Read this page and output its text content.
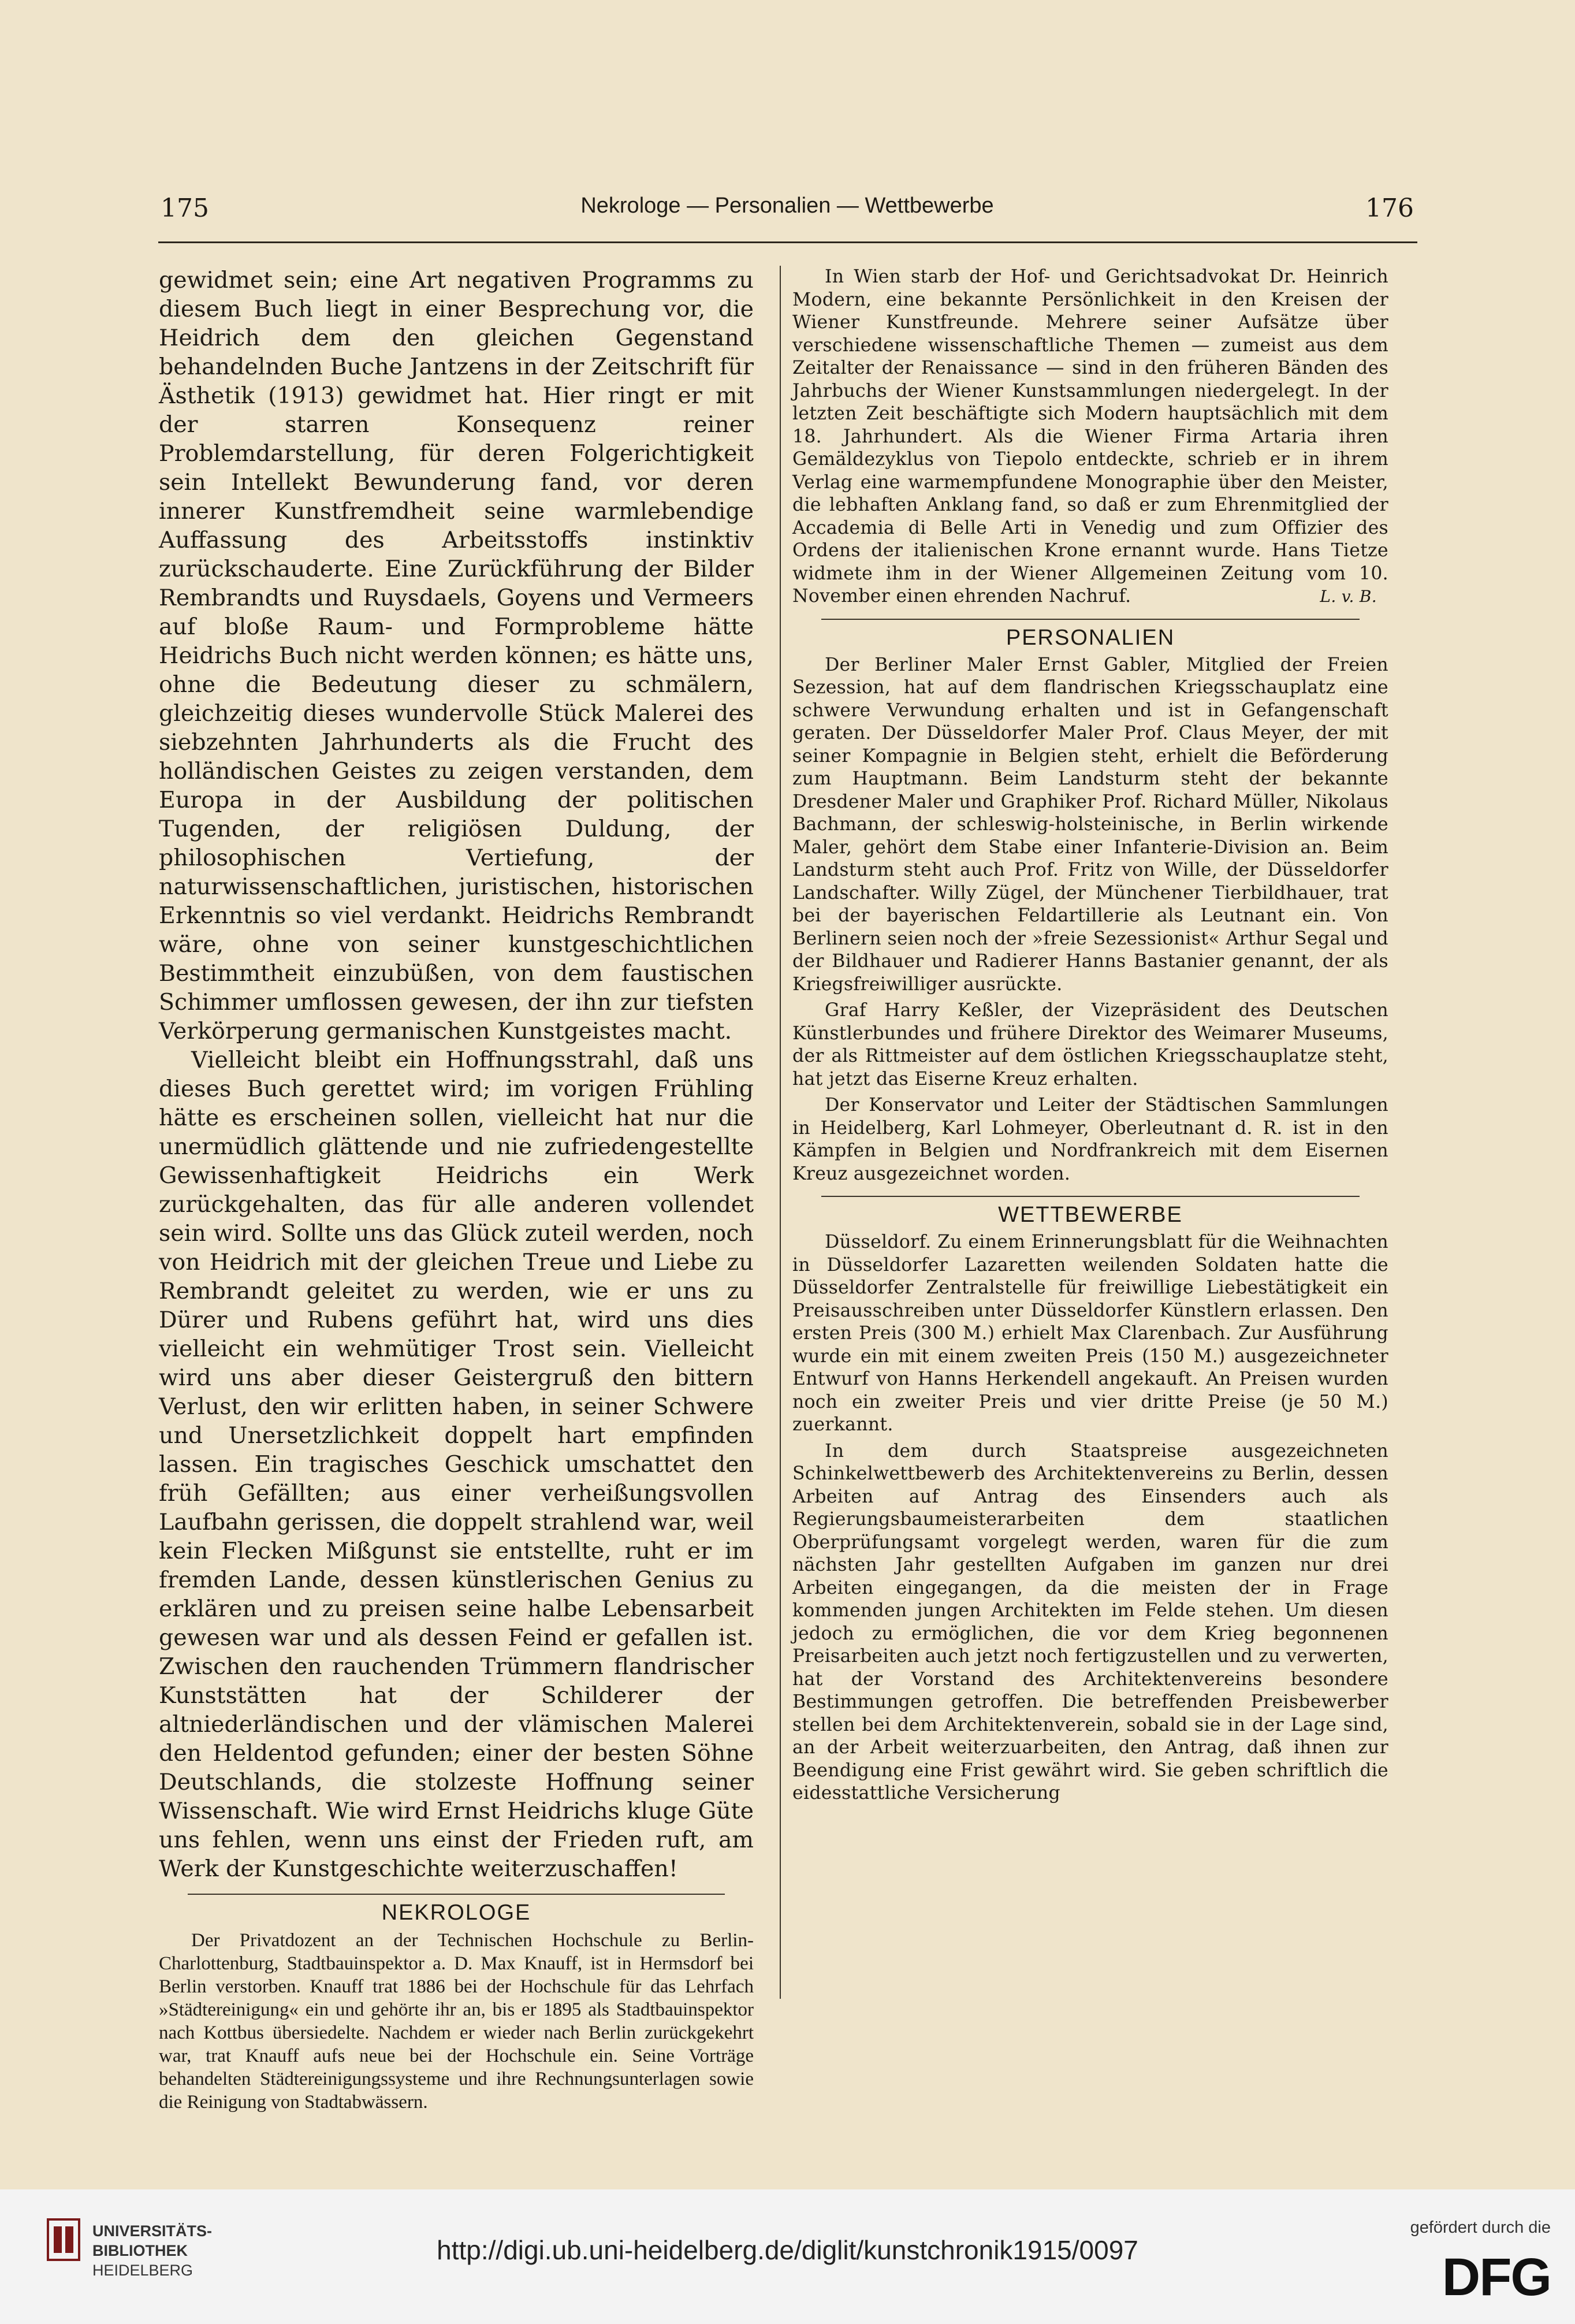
175	Nekrologe — Personalien — Wettbewerbe	176

gewidmet sein; eine Art negativen Programms zu diesem Buch liegt in einer Besprechung vor, die Heidrich dem den gleichen Gegenstand behandelnden Buche Jantzens in der Zeitschrift für Ästhetik (1913) gewidmet hat. Hier ringt er mit der starren Konsequenz reiner Problemdarstellung, für deren Folgerichtigkeit sein Intellekt Bewunderung fand, vor deren innerer Kunstfremdheit seine warmlebendige Auffassung des Arbeitsstoffs instinktiv zurückschauderte. Eine Zurückführung der Bilder Rembrandts und Ruysdaels, Goyens und Vermeers auf bloße Raum- und Formprobleme hätte Heidrichs Buch nicht werden können; es hätte uns, ohne die Bedeutung dieser zu schmälern, gleichzeitig dieses wundervolle Stück Malerei des siebzehnten Jahrhunderts als die Frucht des holländischen Geistes zu zeigen verstanden, dem Europa in der Ausbildung der politischen Tugenden, der religiösen Duldung, der philosophischen Vertiefung, der naturwissenschaftlichen, juristischen, historischen Erkenntnis so viel verdankt. Heidrichs Rembrandt wäre, ohne von seiner kunstgeschichtlichen Bestimmtheit einzubüßen, von dem faustischen Schimmer umflossen gewesen, der ihn zur tiefsten Verkörperung germanischen Kunstgeistes macht.

Vielleicht bleibt ein Hoffnungsstrahl, daß uns dieses Buch gerettet wird; im vorigen Frühling hätte es erscheinen sollen, vielleicht hat nur die unermüdlich glättende und nie zufriedengestellte Gewissenhaftigkeit Heidrichs ein Werk zurückgehalten, das für alle anderen vollendet sein wird. Sollte uns das Glück zuteil werden, noch von Heidrich mit der gleichen Treue und Liebe zu Rembrandt geleitet zu werden, wie er uns zu Dürer und Rubens geführt hat, wird uns dies vielleicht ein wehmütiger Trost sein. Vielleicht wird uns aber dieser Geistergruß den bittern Verlust, den wir erlitten haben, in seiner Schwere und Unersetzlichkeit doppelt hart empfinden lassen. Ein tragisches Geschick umschattet den früh Gefällten; aus einer verheißungsvollen Laufbahn gerissen, die doppelt strahlend war, weil kein Flecken Mißgunst sie entstellte, ruht er im fremden Lande, dessen künstlerischen Genius zu erklären und zu preisen seine halbe Lebensarbeit gewesen war und als dessen Feind er gefallen ist. Zwischen den rauchenden Trümmern flandrischer Kunststätten hat der Schilderer der altniederländischen und der vlämischen Malerei den Heldentod gefunden; einer der besten Söhne Deutschlands, die stolzeste Hoffnung seiner Wissenschaft. Wie wird Ernst Heidrichs kluge Güte uns fehlen, wenn uns einst der Frieden ruft, am Werk der Kunstgeschichte weiterzuschaffen!

NEKROLOGE

Der Privatdozent an der Technischen Hochschule zu Berlin-Charlottenburg, Stadtbauinspektor a. D. Max Knauff, ist in Hermsdorf bei Berlin verstorben. Knauff trat 1886 bei der Hochschule für das Lehrfach »Städtereinigung« ein und gehörte ihr an, bis er 1895 als Stadtbauinspektor nach Kottbus übersiedelte. Nachdem er wieder nach Berlin zurückgekehrt war, trat Knauff aufs neue bei der Hochschule ein. Seine Vorträge behandelten Städtereinigungssysteme und ihre Rechnungsunterlagen sowie die Reinigung von Stadtabwässern.

In Wien starb der Hof- und Gerichtsadvokat Dr. Heinrich Modern, eine bekannte Persönlichkeit in den Kreisen der Wiener Kunstfreunde. Mehrere seiner Aufsätze über verschiedene wissenschaftliche Themen — zumeist aus dem Zeitalter der Renaissance — sind in den früheren Bänden des Jahrbuchs der Wiener Kunstsammlungen niedergelegt. In der letzten Zeit beschäftigte sich Modern hauptsächlich mit dem 18. Jahrhundert. Als die Wiener Firma Artaria ihren Gemäldezyklus von Tiepolo entdeckte, schrieb er in ihrem Verlag eine warmempfundene Monographie über den Meister, die lebhaften Anklang fand, so daß er zum Ehrenmitglied der Accademia di Belle Arti in Venedig und zum Offizier des Ordens der italienischen Krone ernannt wurde. Hans Tietze widmete ihm in der Wiener Allgemeinen Zeitung vom 10. November einen ehrenden Nachruf.	L. v. B.

PERSONALIEN

Der Berliner Maler Ernst Gabler, Mitglied der Freien Sezession, hat auf dem flandrischen Kriegsschauplatz eine schwere Verwundung erhalten und ist in Gefangenschaft geraten. Der Düsseldorfer Maler Prof. Claus Meyer, der mit seiner Kompagnie in Belgien steht, erhielt die Beförderung zum Hauptmann. Beim Landsturm steht der bekannte Dresdener Maler und Graphiker Prof. Richard Müller, Nikolaus Bachmann, der schleswig-holsteinische, in Berlin wirkende Maler, gehört dem Stabe einer Infanterie-Division an. Beim Landsturm steht auch Prof. Fritz von Wille, der Düsseldorfer Landschafter. Willy Zügel, der Münchener Tierbildhauer, trat bei der bayerischen Feldartillerie als Leutnant ein. Von Berlinern seien noch der »freie Sezessionist« Arthur Segal und der Bildhauer und Radierer Hanns Bastanier genannt, der als Kriegsfreiwilliger ausrückte.

Graf Harry Keßler, der Vizepräsident des Deutschen Künstlerbundes und frühere Direktor des Weimarer Museums, der als Rittmeister auf dem östlichen Kriegsschauplatze steht, hat jetzt das Eiserne Kreuz erhalten.

Der Konservator und Leiter der Städtischen Sammlungen in Heidelberg, Karl Lohmeyer, Oberleutnant d. R. ist in den Kämpfen in Belgien und Nordfrankreich mit dem Eisernen Kreuz ausgezeichnet worden.

WETTBEWERBE

Düsseldorf. Zu einem Erinnerungsblatt für die Weihnachten in Düsseldorfer Lazaretten weilenden Soldaten hatte die Düsseldorfer Zentralstelle für freiwillige Liebestätigkeit ein Preisausschreiben unter Düsseldorfer Künstlern erlassen. Den ersten Preis (300 M.) erhielt Max Clarenbach. Zur Ausführung wurde ein mit einem zweiten Preis (150 M.) ausgezeichneter Entwurf von Hanns Herkendell angekauft. An Preisen wurden noch ein zweiter Preis und vier dritte Preise (je 50 M.) zuerkannt.

In dem durch Staatspreise ausgezeichneten Schinkelwettbewerb des Architektenvereins zu Berlin, dessen Arbeiten auf Antrag des Einsenders auch als Regierungsbaumeisterarbeiten dem staatlichen Oberprüfungsamt vorgelegt werden, waren für die zum nächsten Jahr gestellten Aufgaben im ganzen nur drei Arbeiten eingegangen, da die meisten der in Frage kommenden jungen Architekten im Felde stehen. Um diesen jedoch zu ermöglichen, die vor dem Krieg begonnenen Preisarbeiten auch jetzt noch fertigzustellen und zu verwerten, hat der Vorstand des Architektenvereins besondere Bestimmungen getroffen. Die betreffenden Preisbewerber stellen bei dem Architektenverein, sobald sie in der Lage sind, an der Arbeit weiterzuarbeiten, den Antrag, daß ihnen zur Beendigung eine Frist gewährt wird. Sie geben schriftlich die eidesstattliche Versicherung

UNIVERSITÄTS-
BIBLIOTHEK
HEIDELBERG
http://digi.ub.uni-heidelberg.de/diglit/kunstchronik1915/0097
gefördert durch die
DFG
